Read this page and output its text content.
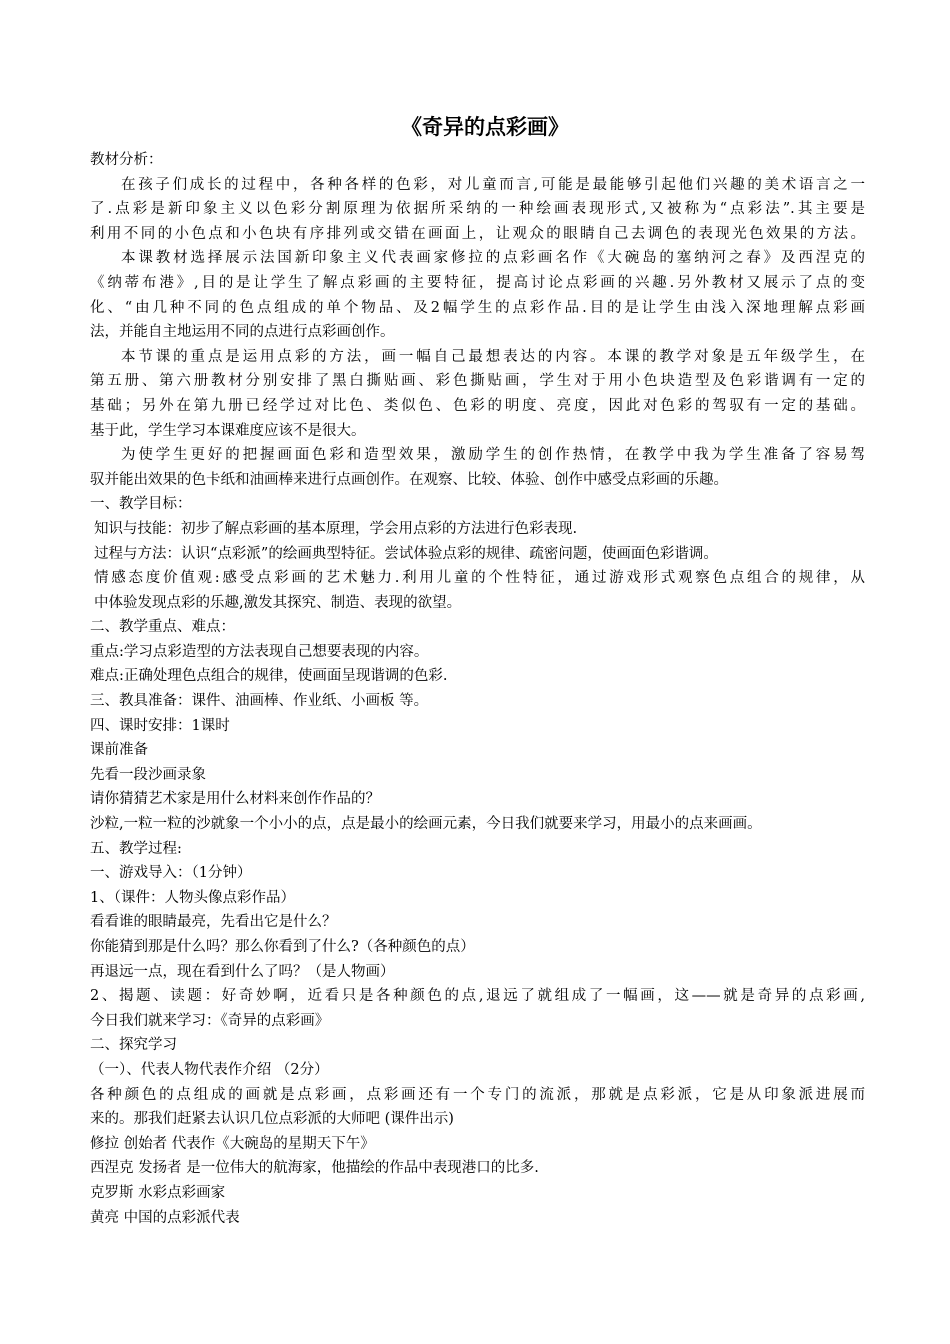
《奇异的点彩画》
教材分析：
在孩子们成长的过程中，各种各样的色彩，对儿童而言,可能是最能够引起他们兴趣的美术语言之一
了.点彩是新印象主义以色彩分割原理为依据所采纳的一种绘画表现形式,又被称为“点彩法”.其主要是
利用不同的小色点和小色块有序排列或交错在画面上，让观众的眼睛自己去调色的表现光色效果的方法。
本课教材选择展示法国新印象主义代表画家修拉的点彩画名作《大碗岛的塞纳河之春》及西涅克的
《纳蒂布港》,目的是让学生了解点彩画的主要特征，提高讨论点彩画的兴趣.另外教材又展示了点的变
化、“由几种不同的色点组成的单个物品、及2幅学生的点彩作品.目的是让学生由浅入深地理解点彩画
法，并能自主地运用不同的点进行点彩画创作。
本节课的重点是运用点彩的方法，画一幅自己最想表达的内容。本课的教学对象是五年级学生，在
第五册、第六册教材分别安排了黑白撕贴画、彩色撕贴画，学生对于用小色块造型及色彩谐调有一定的
基础；另外在第九册已经学过对比色、类似色、色彩的明度、亮度，因此对色彩的驾驭有一定的基础。
基于此，学生学习本课难度应该不是很大。
为使学生更好的把握画面色彩和造型效果，激励学生的创作热情，在教学中我为学生准备了容易驾
驭并能出效果的色卡纸和油画棒来进行点画创作。在观察、比较、体验、创作中感受点彩画的乐趣。
一、教学目标：
知识与技能：初步了解点彩画的基本原理，学会用点彩的方法进行色彩表现.
过程与方法：认识“点彩派”的绘画典型特征。尝试体验点彩的规律、疏密问题，使画面色彩谐调。
情感态度价值观:感受点彩画的艺术魅力.利用儿童的个性特征，通过游戏形式观察色点组合的规律，从
中体验发现点彩的乐趣,激发其探究、制造、表现的欲望。
二、教学重点、难点：
重点:学习点彩造型的方法表现自己想要表现的内容。
难点:正确处理色点组合的规律，使画面呈现谐调的色彩.
三、教具准备：课件、油画棒、作业纸、小画板 等。
四、课时安排：1课时
课前准备
先看一段沙画录象
请你猜猜艺术家是用什么材料来创作作品的？
沙粒,一粒一粒的沙就象一个小小的点，点是最小的绘画元素，今日我们就要来学习，用最小的点来画画。
五、教学过程:
一、游戏导入：（1分钟）
1、（课件：人物头像点彩作品）
看看谁的眼睛最亮，先看出它是什么？
你能猜到那是什么吗？那么你看到了什么?（各种颜色的点）
再退远一点，现在看到什么了吗？（是人物画）
2、揭题、读题：好奇妙啊，近看只是各种颜色的点,退远了就组成了一幅画，这——就是奇异的点彩画,
今日我们就来学习：《奇异的点彩画》
二、探究学习
（一）、代表人物代表作介绍 （2分）
各种颜色的点组成的画就是点彩画，点彩画还有一个专门的流派，那就是点彩派，它是从印象派进展而
来的。那我们赶紧去认识几位点彩派的大师吧 (课件出示)
修拉 创始者 代表作《大碗岛的星期天下午》
西涅克 发扬者 是一位伟大的航海家，他描绘的作品中表现港口的比多.
克罗斯 水彩点彩画家
黄亮 中国的点彩派代表
